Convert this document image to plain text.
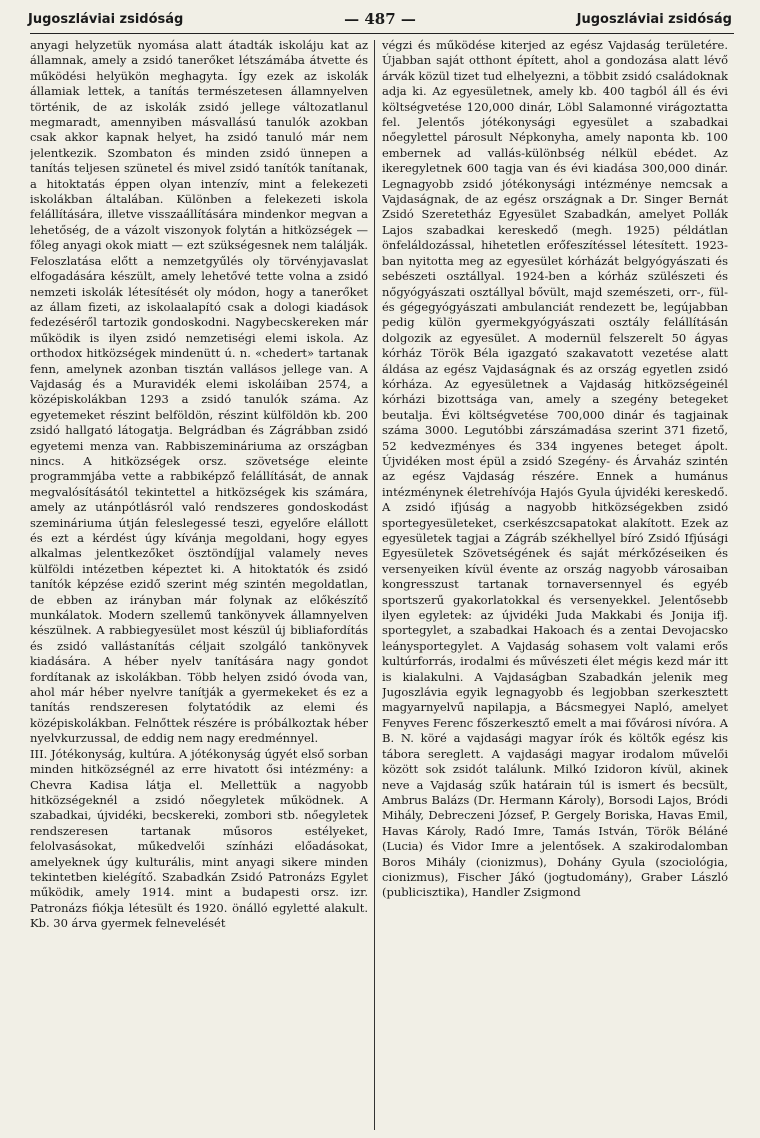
Jugoszláviai zsidóság	— 487 —	Jugoszláviai zsidóság

anyagi helyzetük nyomása alatt átadták iskoláju kat az államnak, amely a zsidó tanerőket létszámába átvette és működési helyükön meghagyta. Így ezek az iskolák államiak lettek, a tanítás természetesen államnyelven történik, de az iskolák zsidó jellege változatlanul megmaradt, amennyiben másvallású tanulók azokban csak akkor kapnak helyet, ha zsidó tanuló már nem jelentkezik. Szombaton és minden zsidó ünnepen a tanítás teljesen szünetel és mivel zsidó tanítók tanítanak, a hitoktatás éppen olyan intenzív, mint a felekezeti iskolákban általában. Különben a felekezeti iskola felállítására, illetve visszaállítására mindenkor megvan a lehetőség, de a vázolt viszonyok folytán a hitközségek — főleg anyagi okok miatt — ezt szükségesnek nem találják. Feloszlatása előtt a nemzetgyűlés oly törvényjavaslat elfogadására készült, amely lehetővé tette volna a zsidó nemzeti iskolák létesítését oly módon, hogy a tanerőket az állam fizeti, az iskolaalapító csak a dologi kiadások fedezéséről tartozik gondoskodni. Nagybecskereken már működik is ilyen zsidó nemzetiségi elemi iskola. Az orthodox hitközségek mindenütt ú. n. «chedert» tartanak fenn, amelynek azonban tisztán vallásos jellege van. A Vajdaság és a Muravidék elemi iskoláiban 2574, a középiskolákban 1293 a zsidó tanulók száma. Az egyetemeket részint belföldön, részint külföldön kb. 200 zsidó hallgató látogatja. Belgrádban és Zágrábban zsidó egyetemi menza van. Rabbiszemináriuma az országban nincs. A hitközségek orsz. szövetsége eleinte programmjába vette a rabbiképző felállítását, de annak megvalósításától tekintettel a hitközségek kis számára, amely az utánpótlásról való rendszeres gondoskodást szemináriuma útján feleslegessé teszi, egyelőre elállott és ezt a kérdést úgy kívánja megoldani, hogy egyes alkalmas jelentkezőket ösztöndíjjal valamely neves külföldi intézetben képeztet ki. A hitoktatók és zsidó tanítók képzése ezidő szerint még szintén megoldatlan, de ebben az irányban már folynak az előkészítő munkálatok. Modern szellemű tankönyvek államnyelven készülnek. A rabbiegyesület most készül új bibliafordítás és zsidó vallástanítás céljait szolgáló tankönyvek kiadására. A héber nyelv tanítására nagy gondot fordítanak az iskolákban. Több helyen zsidó óvoda van, ahol már héber nyelvre tanítják a gyermekeket és ez a tanítás rendszeresen folytatódik az elemi és középiskolákban. Felnőttek részére is próbálkoztak héber nyelvkurzussal, de eddig nem nagy eredménnyel.

III. Jótékonyság, kultúra. A jótékonyság úgyét első sorban minden hitközségnél az erre hivatott ősi intézmény: a Chevra Kadisa látja el. Mellettük a nagyobb hitközségeknél a zsidó nőegyletek működnek. A szabadkai, újvidéki, becskereki, zombori stb. nőegyletek rendszeresen tartanak műsoros estélyeket, felolvasásokat, műkedvelői színházi előadásokat, amelyeknek úgy kulturális, mint anyagi sikere minden tekintetben kielégítő. Szabadkán Zsidó Patronázs Egylet működik, amely 1914. mint a budapesti orsz. izr. Patronázs fiókja létesült és 1920. önálló egyletté alakult. Kb. 30 árva gyermek felnevelését

végzi és működése kiterjed az egész Vajdaság területére. Újabban saját otthont épített, ahol a gondozása alatt lévő árvák közül tizet tud elhelyezni, a többit zsidó családoknak adja ki. Az egyesületnek, amely kb. 400 tagból áll és évi költségvetése 120,000 dinár, Löbl Salamonné virágoztatta fel. Jelentős jótékonysági egyesület a szabadkai nőegylettel párosult Népkonyha, amely naponta kb. 100 embernek ad vallás-különbség nélkül ebédet. Az ikeregyletnek 600 tagja van és évi kiadása 300,000 dinár. Legnagyobb zsidó jótékonysági intézménye nemcsak a Vajdaságnak, de az egész országnak a Dr. Singer Bernát Zsidó Szeretetház Egyesület Szabadkán, amelyet Pollák Lajos szabadkai kereskedő (megh. 1925) példátlan önfeláldozással, hihetetlen erőfeszítéssel létesített. 1923-ban nyitotta meg az egyesület kórházát belgyógyászati és sebészeti osztállyal. 1924-ben a kórház szülészeti és nőgyógyászati osztállyal bővült, majd szemészeti, orr-, fül- és gégegyógyászati ambulanciát rendezett be, legújabban pedig külön gyermekgyógyászati osztály felállításán dolgozik az egyesület. A modernül felszerelt 50 ágyas kórház Török Béla igazgató szakavatott vezetése alatt áldása az egész Vajdaságnak és az ország egyetlen zsidó kórháza. Az egyesületnek a Vajdaság hitközségeinél kórházi bizottsága van, amely a szegény betegeket beutalja. Évi költségvetése 700,000 dinár és tagjainak száma 3000. Legutóbbi zárszámadása szerint 371 fizető, 52 kedvezményes és 334 ingyenes beteget ápolt. Újvidéken most épül a zsidó Szegény- és Árvaház szintén az egész Vajdaság részére. Ennek a humánus intézménynek életrehívója Hajós Gyula újvidéki kereskedő. A zsidó ifjúság a nagyobb hitközségekben zsidó sportegyesületeket, cserkészcsapatokat alakított. Ezek az egyesületek tagjai a Zágráb székhellyel bíró Zsidó Ifjúsági Egyesületek Szövetségének és saját mérkőzéseiken és versenyeiken kívül évente az ország nagyobb városaiban kongresszust tartanak tornaversennyel és egyéb sportszerű gyakorlatokkal és versenyekkel. Jelentősebb ilyen egyletek: az újvidéki Juda Makkabi és Jonija ifj. sportegylet, a szabadkai Hakoach és a zentai Devojacsko leánysportegylet. A Vajdaság sohasem volt valami erős kultúrforrás, irodalmi és művészeti élet mégis kezd már itt is kialakulni. A Vajdaságban Szabadkán jelenik meg Jugoszlávia egyik legnagyobb és legjobban szerkesztett magyarnyelvű napilapja, a Bácsmegyei Napló, amelyet Fenyves Ferenc főszerkesztő emelt a mai fővárosi nívóra. A B. N. köré a vajdasági magyar írók és költők egész kis tábora sereglett. A vajdasági magyar irodalom művelői között sok zsidót találunk. Milkó Izidoron kívül, akinek neve a Vajdaság szűk határain túl is ismert és becsült, Ambrus Balázs (Dr. Hermann Károly), Borsodi Lajos, Bródi Mihály, Debreczeni József, P. Gergely Boriska, Havas Emil, Havas Károly, Radó Imre, Tamás István, Török Béláné (Lucia) és Vidor Imre a jelentősek. A szakirodalomban Boros Mihály (cionizmus), Dohány Gyula (szociológia, cionizmus), Fischer Jákó (jogtudomány), Graber László (publicisztika), Handler Zsigmond
